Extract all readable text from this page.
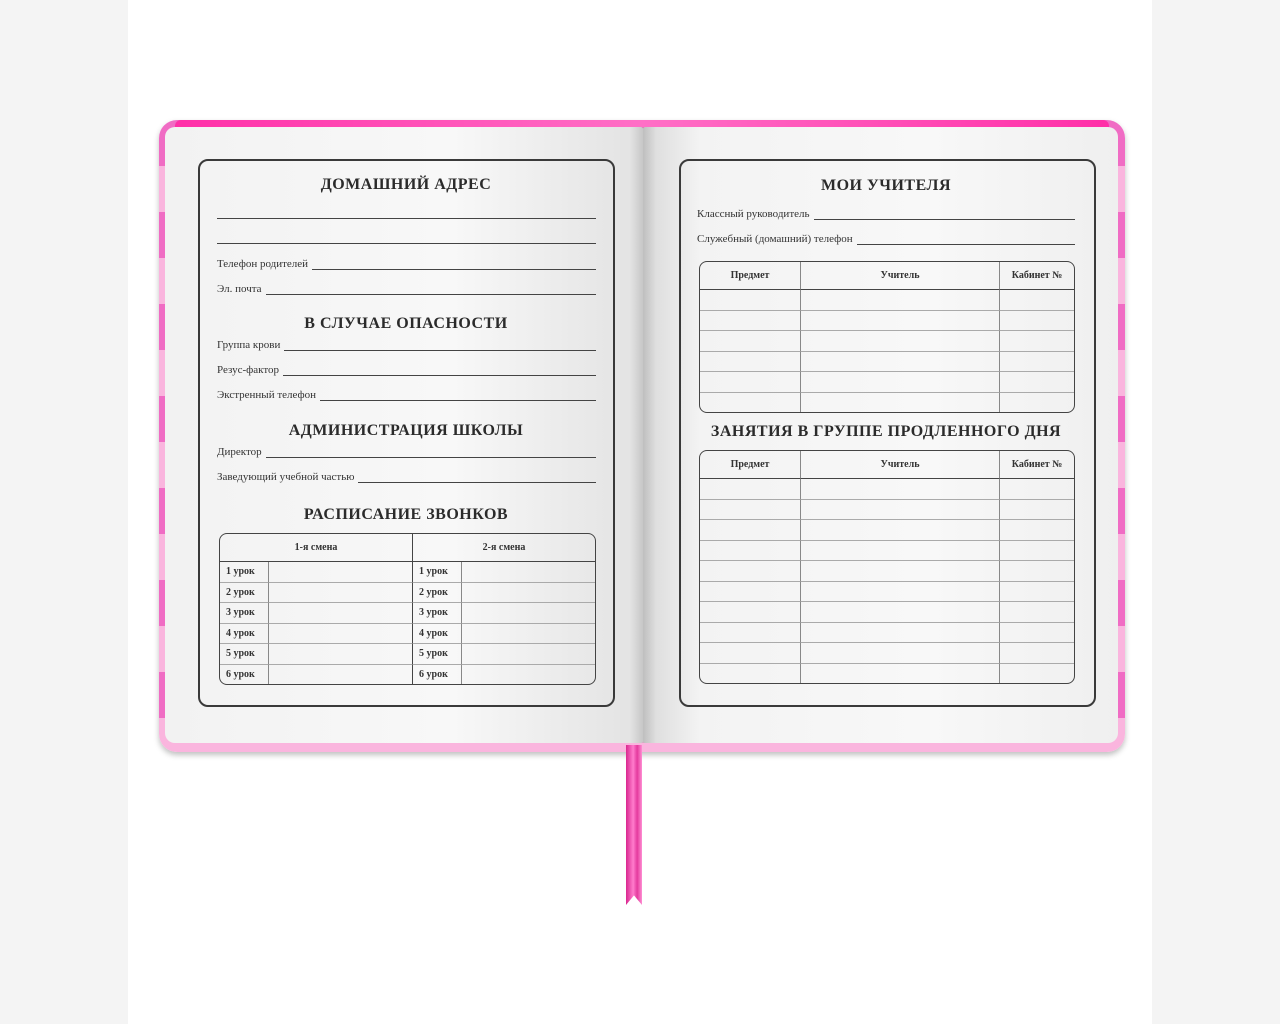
ДОМАШНИЙ АДРЕС
Телефон родителей
Эл. почта
В СЛУЧАЕ ОПАСНОСТИ
Группа крови
Резус-фактор
Экстренный телефон
АДМИНИСТРАЦИЯ ШКОЛЫ
Директор
Заведующий учебной частью
РАСПИСАНИЕ ЗВОНКОВ
1-я смена		2-я смена	
1 урок		1 урок	
2 урок		2 урок	
3 урок		3 урок	
4 урок		4 урок	
5 урок		5 урок	
6 урок		6 урок	
МОИ УЧИТЕЛЯ
Классный руководитель
Служебный (домашний) телефон
Предмет	Учитель	Кабинет №

ЗАНЯТИЯ В ГРУППЕ ПРОДЛЕННОГО ДНЯ
Предмет	Учитель	Кабинет №
